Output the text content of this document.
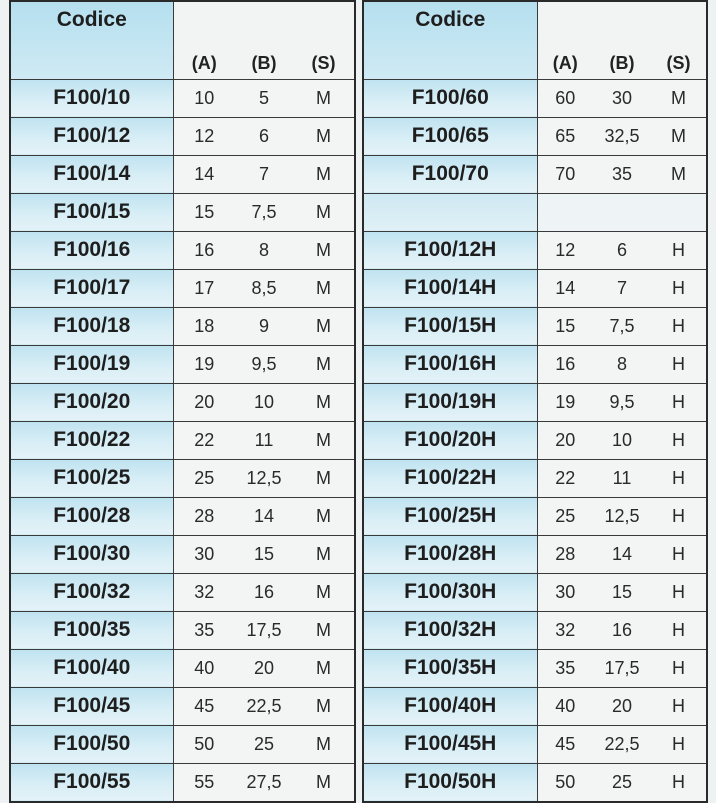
Codice	(A)	(B)	(S)
F100/10	10	5	M
F100/12	12	6	M
F100/14	14	7	M
F100/15	15	7,5	M
F100/16	16	8	M
F100/17	17	8,5	M
F100/18	18	9	M
F100/19	19	9,5	M
F100/20	20	10	M
F100/22	22	11	M
F100/25	25	12,5	M
F100/28	28	14	M
F100/30	30	15	M
F100/32	32	16	M
F100/35	35	17,5	M
F100/40	40	20	M
F100/45	45	22,5	M
F100/50	50	25	M
F100/55	55	27,5	M
Codice	(A)	(B)	(S)
F100/60	60	30	M
F100/65	65	32,5	M
F100/70	70	35	M

F100/12H	12	6	H
F100/14H	14	7	H
F100/15H	15	7,5	H
F100/16H	16	8	H
F100/19H	19	9,5	H
F100/20H	20	10	H
F100/22H	22	11	H
F100/25H	25	12,5	H
F100/28H	28	14	H
F100/30H	30	15	H
F100/32H	32	16	H
F100/35H	35	17,5	H
F100/40H	40	20	H
F100/45H	45	22,5	H
F100/50H	50	25	H
